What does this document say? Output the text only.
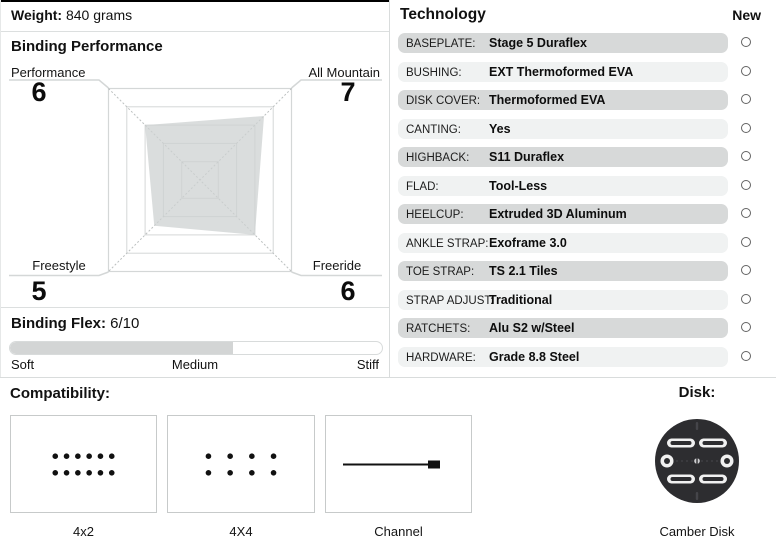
Weight: 840 grams
Binding Performance
Performance
6
All Mountain
7
Freestyle
5
Freeride
6
Binding Flex: 6/10
Soft	Medium	Stiff
Technology	New
BASEPLATE: Stage 5 Duraflex
BUSHING: EXT Thermoformed EVA
DISK COVER: Thermoformed EVA
CANTING: Yes
HIGHBACK: S11 Duraflex
FLAD:	Tool-Less
HEELCUP: Extruded 3D Aluminum
ANKLE STRAP:Exoframe 3.0
TOE STRAP: TS 2.1 Tiles
STRAP ADJUST:Traditional
RATCHETS: Alu S2 w/Steel
HARDWARE: Grade 8.8 Steel
Compatibility:
4x2	4X4	Channel
Disk:
Camber Disk
